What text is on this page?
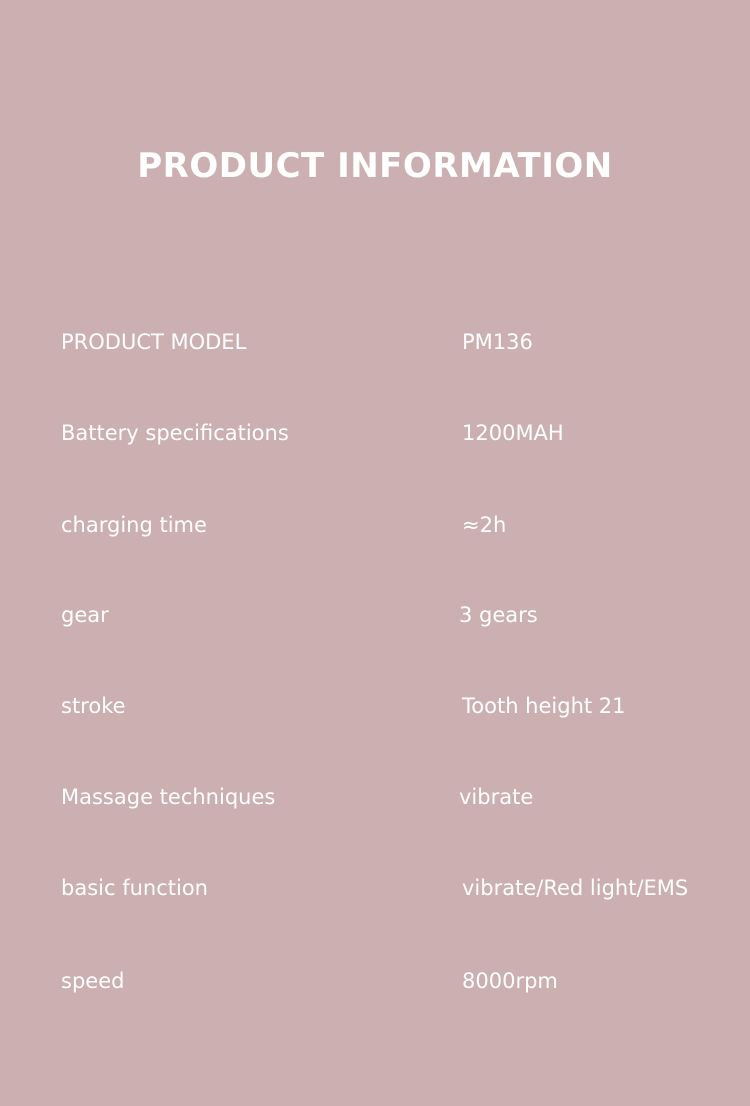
PRODUCT INFORMATION
PRODUCT MODEL	PM136
Battery specifications	1200MAH
charging time	≈2h
gear	3 gears
stroke	Tooth height 21
Massage techniques	vibrate
basic function	vibrate/Red light/EMS
speed	8000rpm
